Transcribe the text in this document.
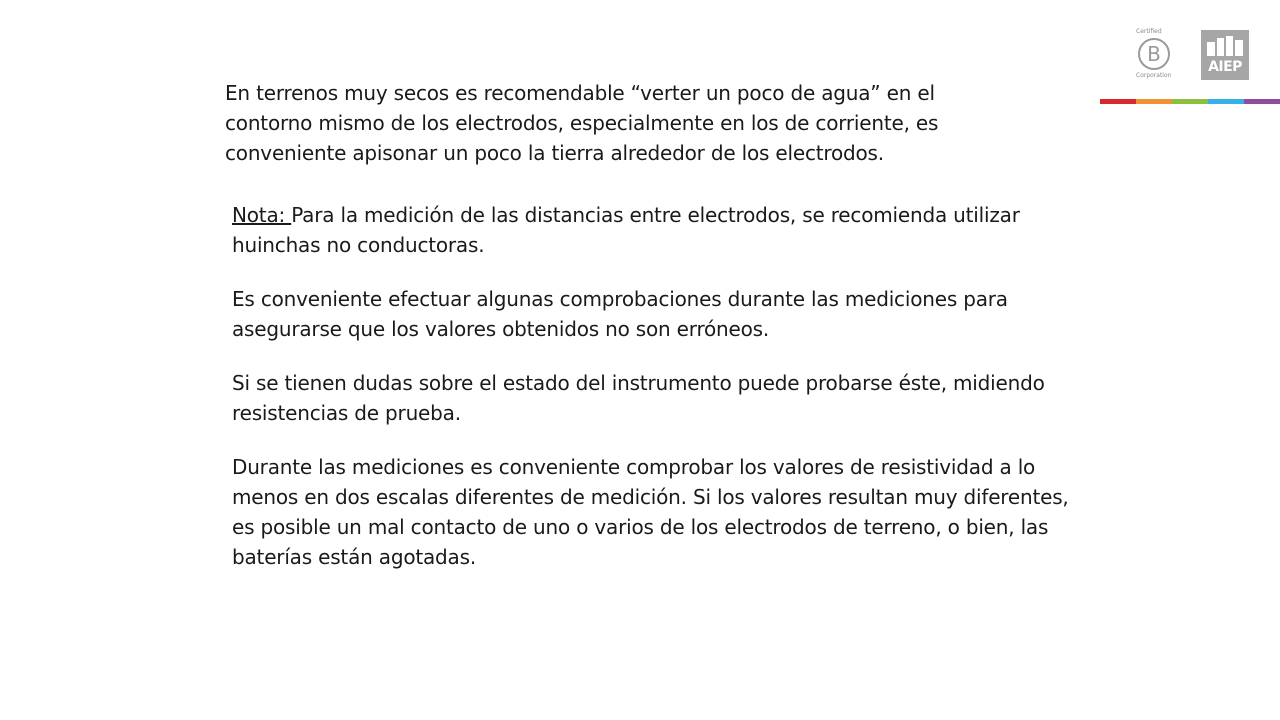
En terrenos muy secos es recomendable “verter un poco de agua” en el contorno mismo de los electrodos, especialmente en los de corriente, es conveniente apisonar un poco la tierra alrededor de los electrodos.

Nota: Para la medición de las distancias entre electrodos, se recomienda utilizar huinchas no conductoras.

Es conveniente efectuar algunas comprobaciones durante las mediciones para asegurarse que los valores obtenidos no son erróneos.

Si se tienen dudas sobre el estado del instrumento puede probarse éste, midiendo resistencias de prueba.

Durante las mediciones es conveniente comprobar los valores de resistividad a lo menos en dos escalas diferentes de medición. Si los valores resultan muy diferentes, es posible un mal contacto de uno o varios de los electrodos de terreno, o bien, las baterías están agotadas.

Certified
B
Corporation
AIEP
